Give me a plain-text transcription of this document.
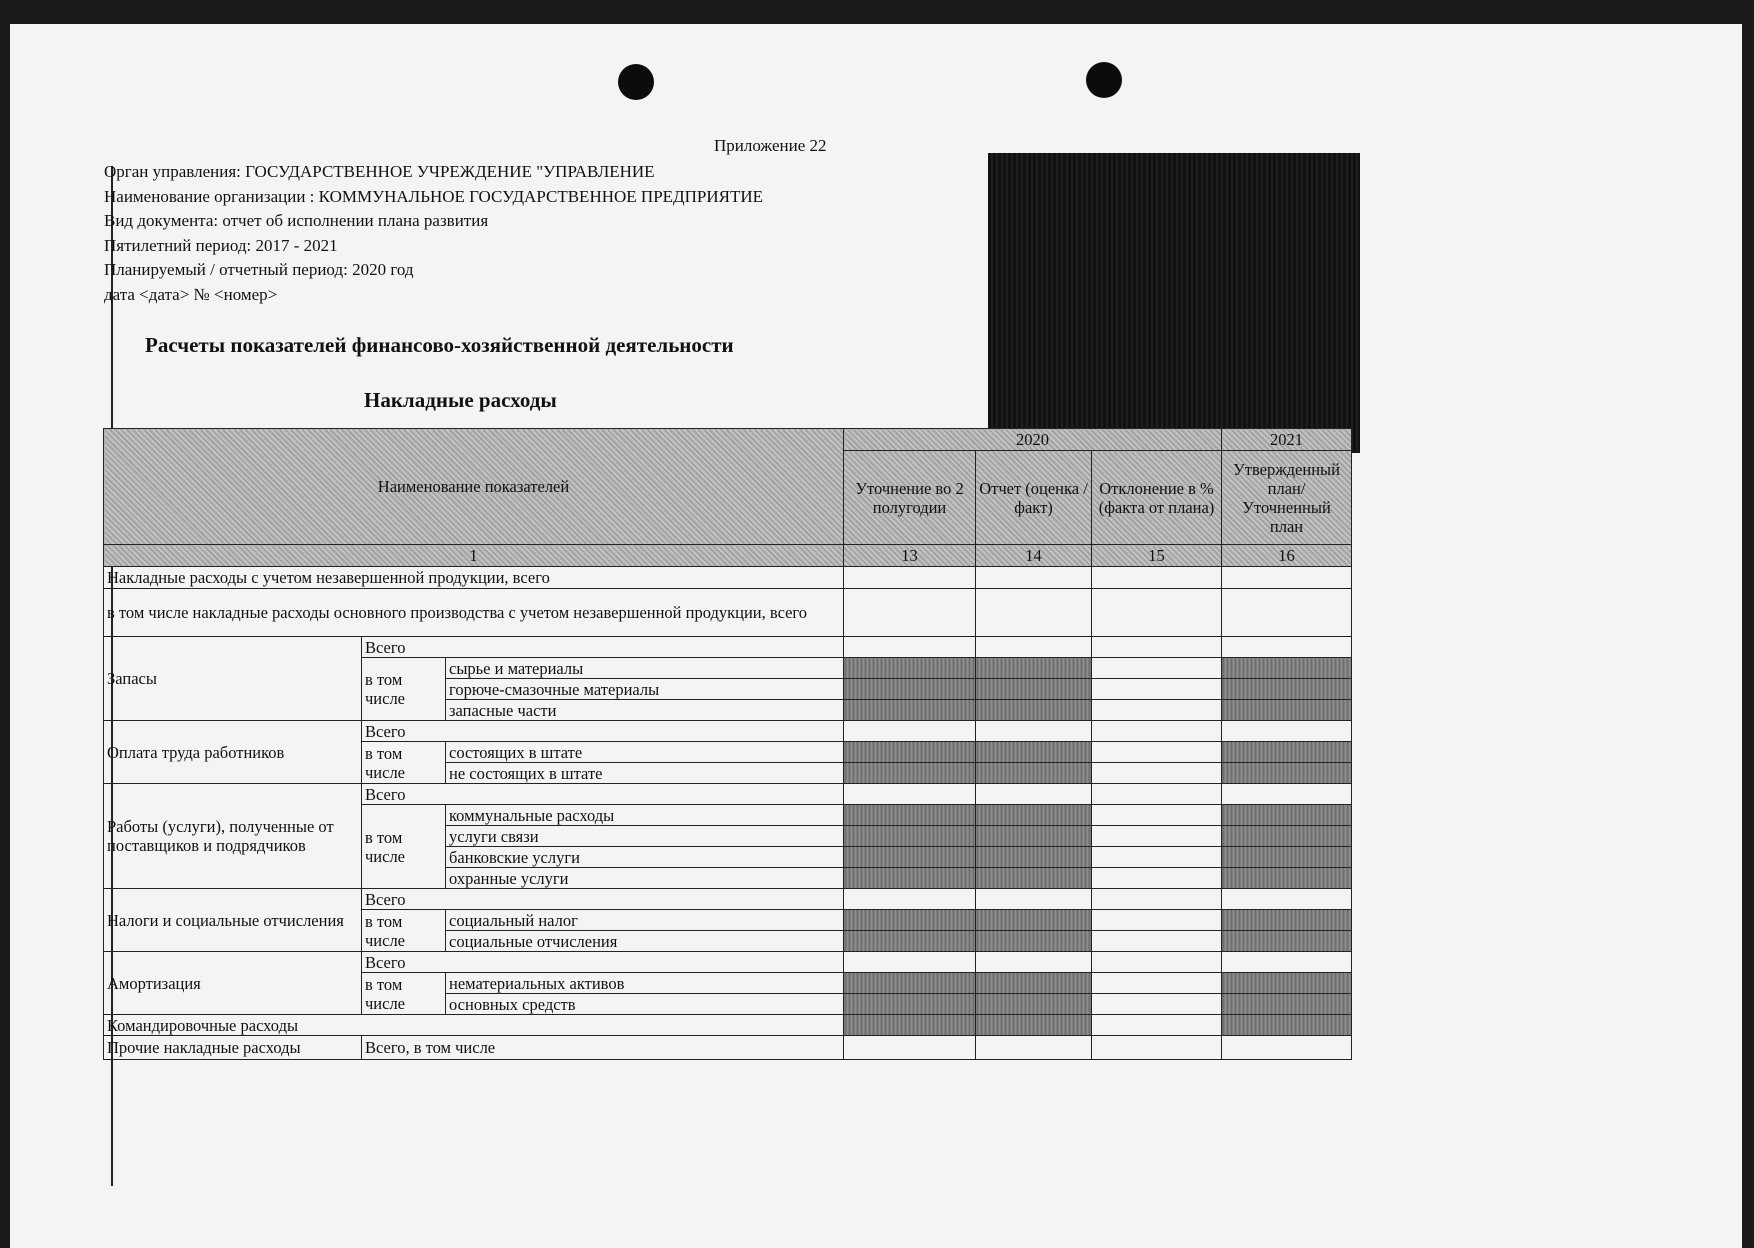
Приложение 22
Орган управления: ГОСУДАРСТВЕННОЕ УЧРЕЖДЕНИЕ "УПРАВЛЕНИЕ
Наименование организации : КОММУНАЛЬНОЕ ГОСУДАРСТВЕННОЕ ПРЕДПРИЯТИЕ
Вид документа: отчет об исполнении плана развития
Пятилетний период: 2017 - 2021
Планируемый / отчетный период: 2020 год
дата <дата> № <номер>
Расчеты показателей финансово-хозяйственной деятельности
Накладные расходы
Наименование показателей			2020			2021
			Уточнение во 2 полугодии	Отчет (оценка / факт)	Отклонение в % (факта от плана)	Утвержденный план/Уточненный план
1			13	14	15	16
Накладные расходы с учетом незавершенной продукции, всего						
в том числе накладные расходы основного производства с учетом незавершенной продукции, всего						
Запасы	Всего					
	в том числе	сырье и материалы				
		горюче-смазочные материалы				
		запасные части				
Оплата труда работников	Всего					
	в том числе	состоящих в штате				
		не состоящих в штате				
Работы (услуги), полученные от поставщиков и подрядчиков	Всего					
	в том числе	коммунальные расходы				
		услуги связи				
		банковские услуги				
		охранные услуги				
Налоги и социальные отчисления	Всего					
	в том числе	социальный налог				
		социальные отчисления				
Амортизация	Всего					
	в том числе	нематериальных активов				
		основных средств				
Командировочные расходы						
Прочие накладные расходы	Всего, в том числе					
